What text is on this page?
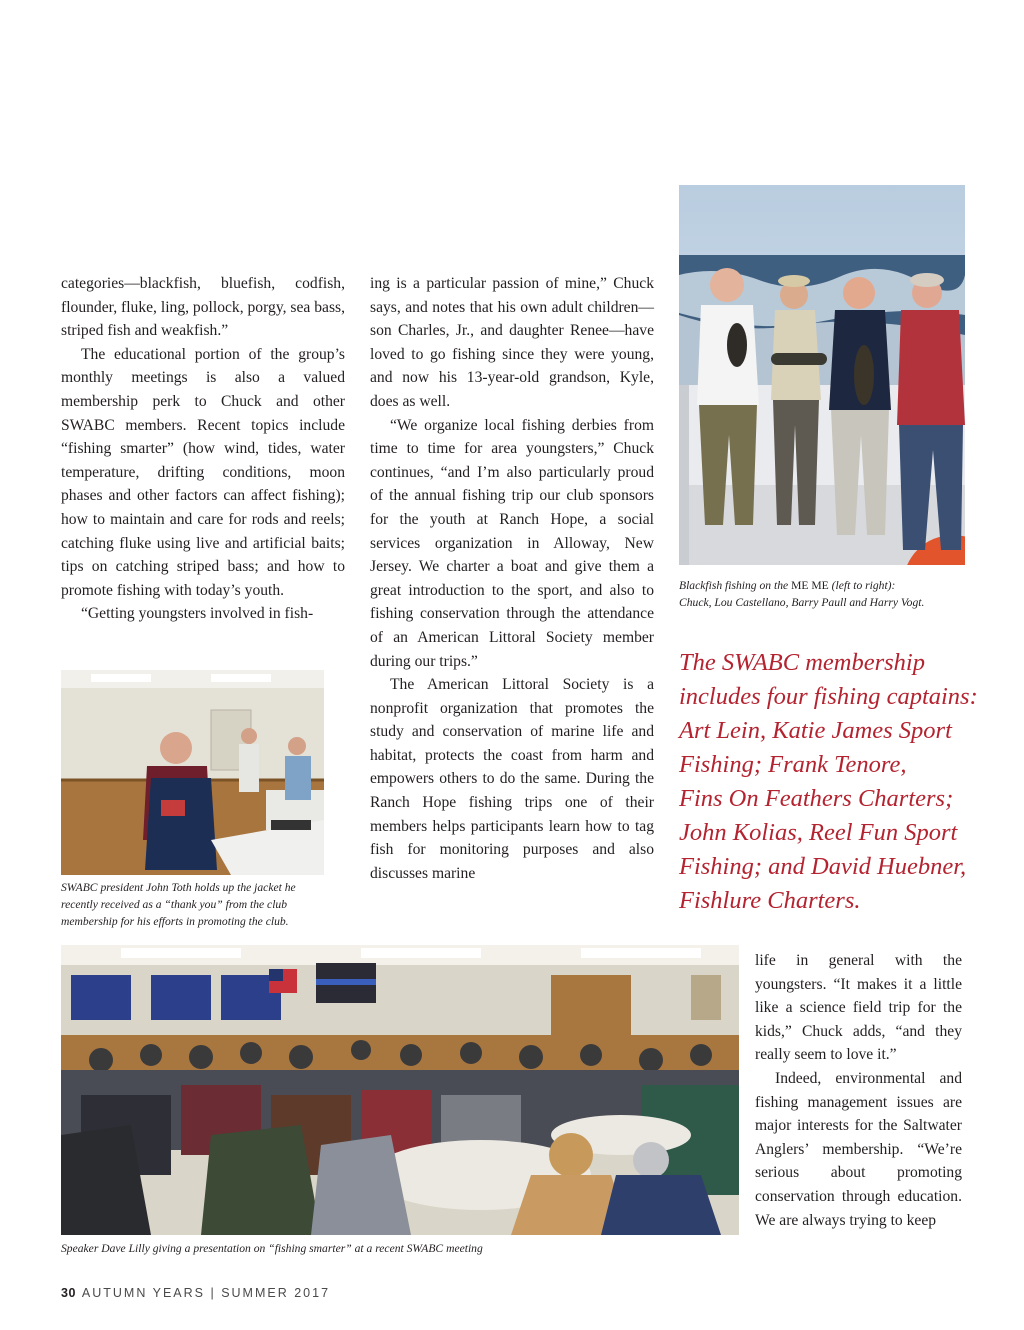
categories—blackfish, bluefish, codfish, flounder, fluke, ling, pollock, porgy, sea bass, striped fish and weakfish.”

The educational portion of the group’s monthly meetings is also a valued membership perk to Chuck and other SWABC members. Recent topics include “fishing smarter” (how wind, tides, water temperature, drifting conditions, moon phases and other factors can affect fishing); how to maintain and care for rods and reels; catching fluke using live and artificial baits; tips on catching striped bass; and how to promote fishing with today’s youth.

“Getting youngsters involved in fish-

ing is a particular passion of mine,” Chuck says, and notes that his own adult children—son Charles, Jr., and daughter Renee—have loved to go fishing since they were young, and now his 13-year-old grandson, Kyle, does as well.

“We organize local fishing derbies from time to time for area youngsters,” Chuck continues, “and I’m also particularly proud of the annual fishing trip our club sponsors for the youth at Ranch Hope, a social services organization in Alloway, New Jersey. We charter a boat and give them a great introduction to the sport, and also to fishing conservation through the attendance of an American Littoral Society member during our trips.”

The American Littoral Society is a nonprofit organization that promotes the study and conservation of marine life and habitat, protects the coast from harm and empowers others to do the same. During the Ranch Hope fishing trips one of their members helps participants learn how to tag fish for monitoring purposes and also discusses marine

life in general with the youngsters. “It makes it a little like a science field trip for the kids,” Chuck adds, “and they really seem to love it.”

Indeed, environmental and fishing management issues are major interests for the Saltwater Anglers’ membership. “We’re serious about promoting conservation through education. We are always trying to keep

Blackfish fishing on the ME ME (left to right):
Chuck, Lou Castellano, Barry Paull and Harry Vogt.
The SWABC membership
includes four fishing captains:
Art Lein, Katie James Sport
Fishing; Frank Tenore,
Fins On Feathers Charters;
John Kolias, Reel Fun Sport
Fishing; and David Huebner,
Fishlure Charters.
SWABC president John Toth holds up the jacket he
recently received as a “thank you” from the club
membership for his efforts in promoting the club.
Speaker Dave Lilly giving a presentation on “fishing smarter” at a recent SWABC meeting
30 AUTUMN YEARS | SUMMER 2017
